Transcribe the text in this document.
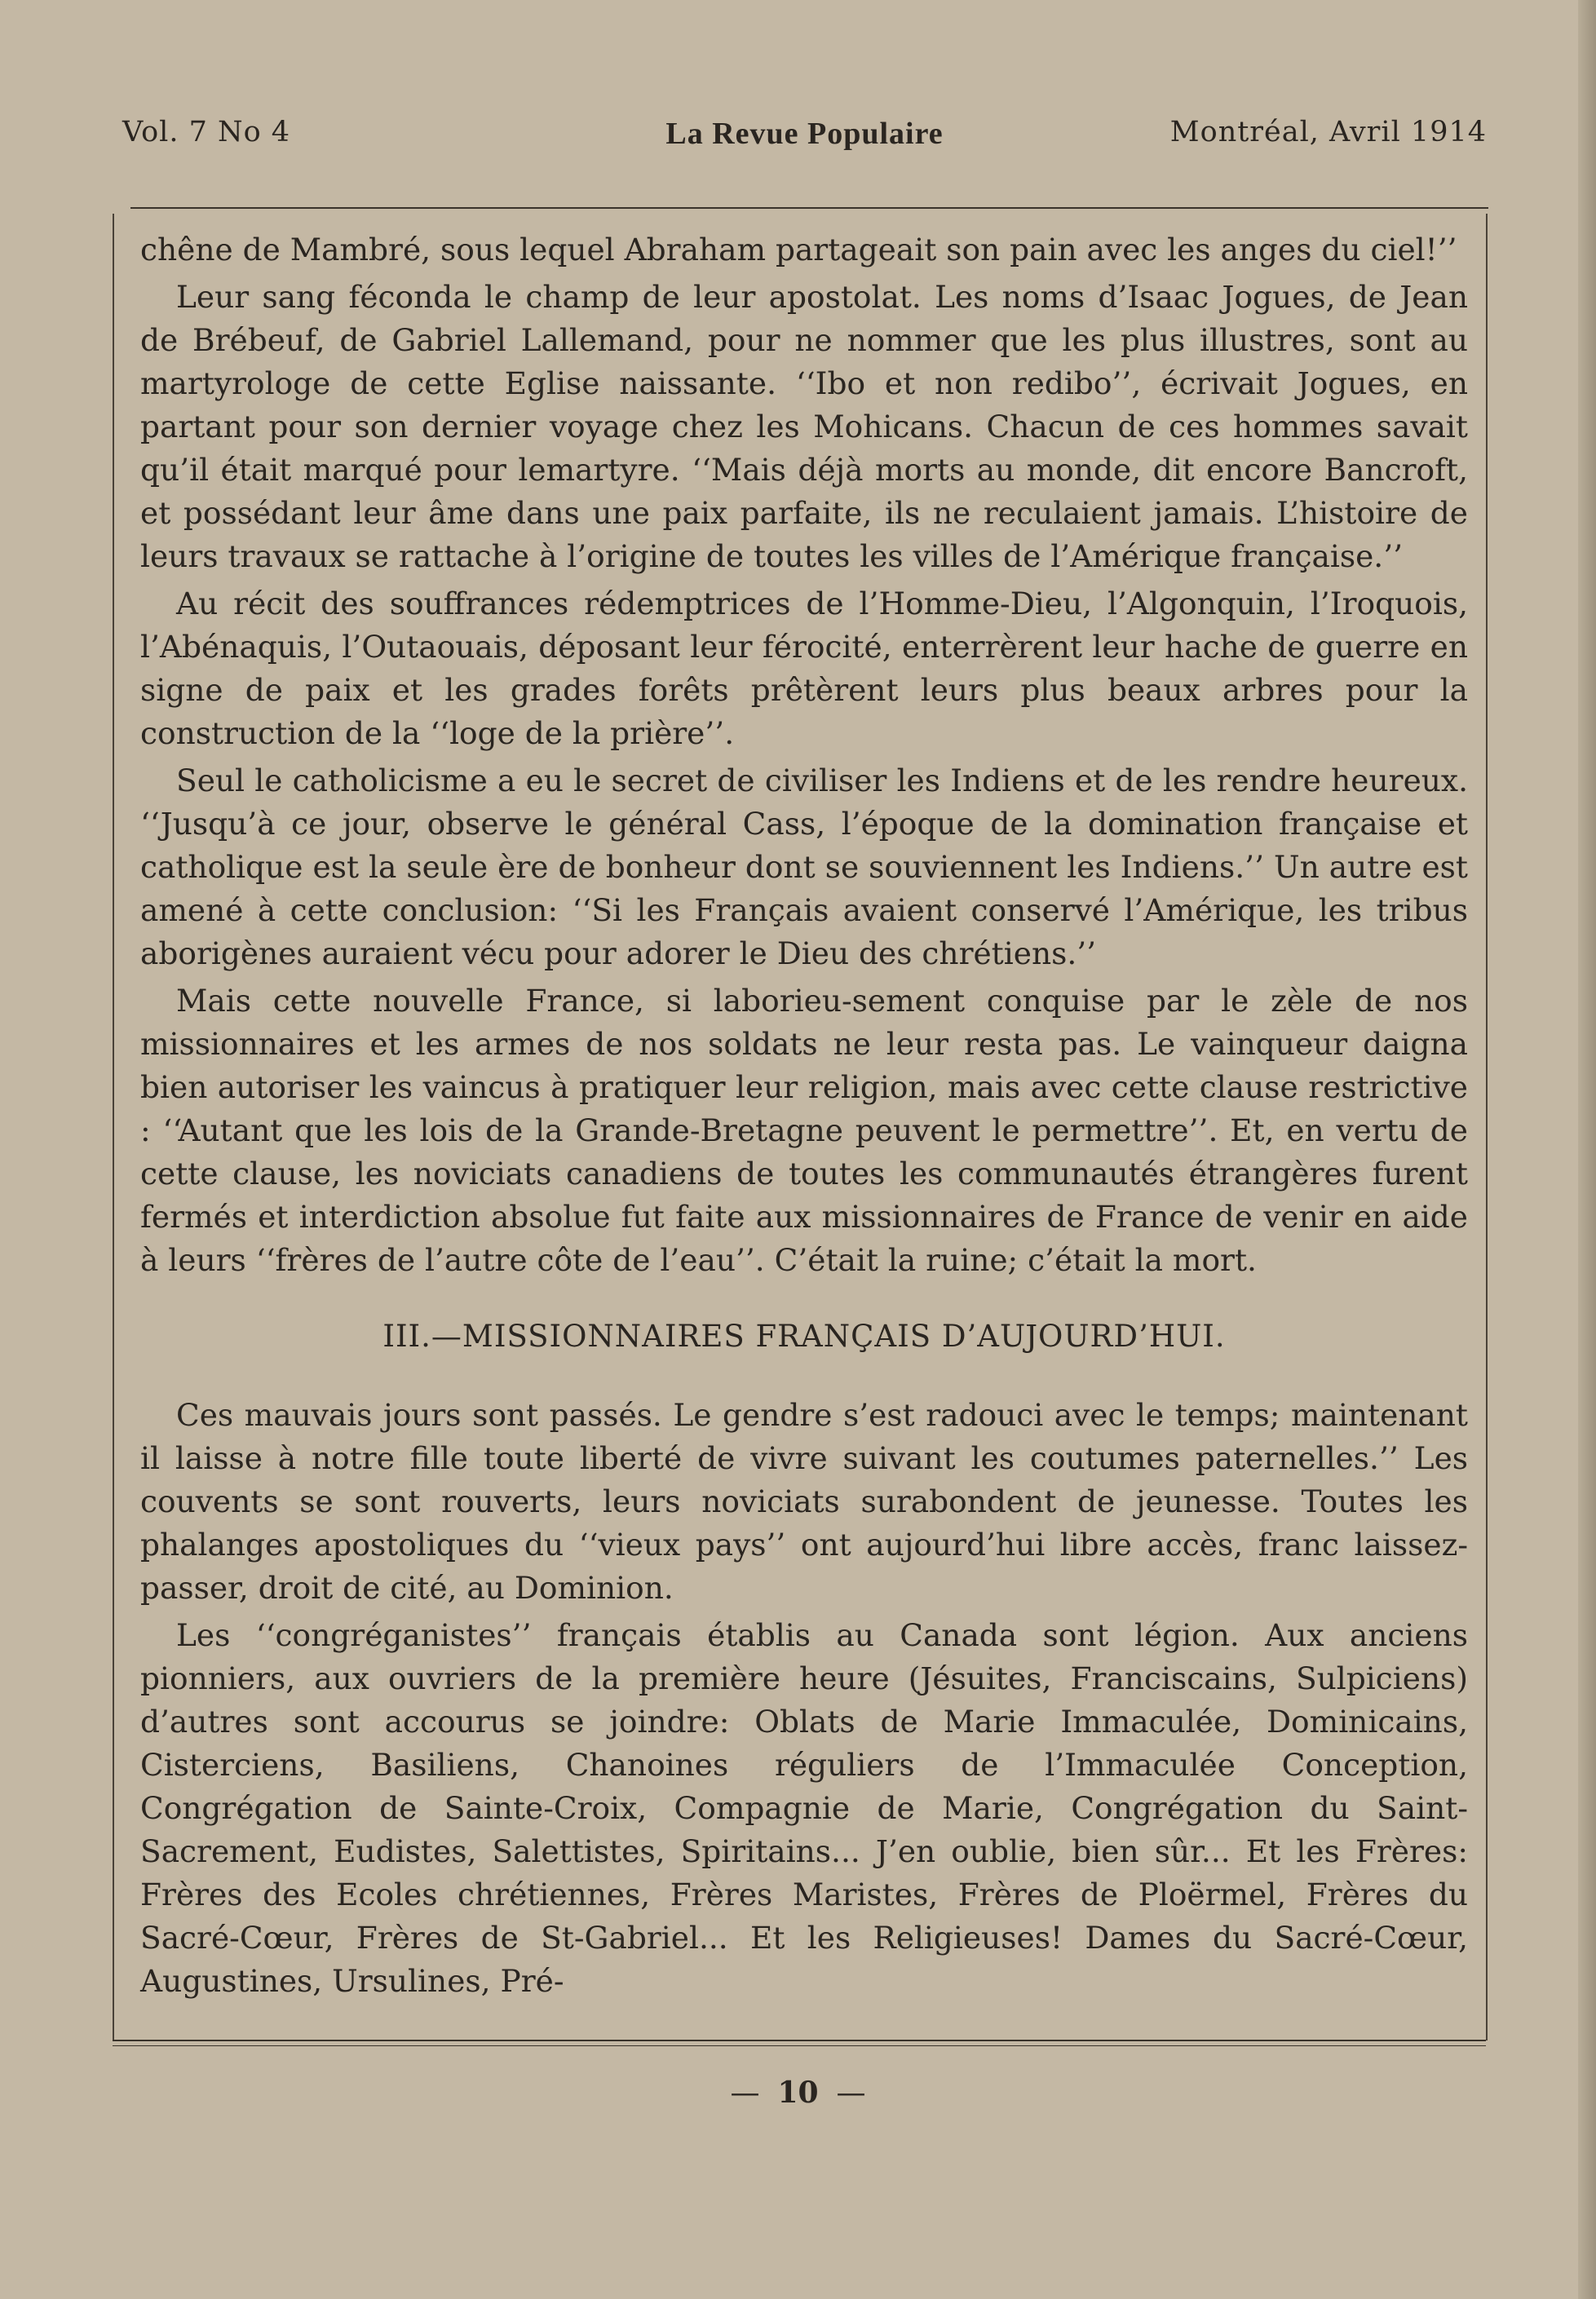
Vol. 7 No 4	La Revue Populaire	Montréal, Avril 1914

chêne de Mambré, sous lequel Abraham partageait son pain avec les anges du ciel!’’

Leur sang féconda le champ de leur apostolat. Les noms d’Isaac Jogues, de Jean de Brébeuf, de Gabriel Lallemand, pour ne nommer que les plus illustres, sont au martyrologe de cette Eglise naissante. ‘‘Ibo et non redibo’’, écrivait Jogues, en partant pour son dernier voyage chez les Mohicans. Chacun de ces hommes savait qu’il était marqué pour lemartyre. ‘‘Mais déjà morts au monde, dit encore Bancroft, et possédant leur âme dans une paix parfaite, ils ne reculaient jamais. L’histoire de leurs travaux se rattache à l’origine de toutes les villes de l’Amérique française.’’

Au récit des souffrances rédemptrices de l’Homme-Dieu, l’Algonquin, l’Iroquois, l’Abénaquis, l’Outaouais, déposant leur férocité, enterrèrent leur hache de guerre en signe de paix et les grades forêts prêtèrent leurs plus beaux arbres pour la construction de la ‘‘loge de la prière’’.

Seul le catholicisme a eu le secret de civiliser les Indiens et de les rendre heureux. ‘‘Jusqu’à ce jour, observe le général Cass, l’époque de la domination française et catholique est la seule ère de bonheur dont se souviennent les Indiens.’’ Un autre est amené à cette conclusion: ‘‘Si les Français avaient conservé l’Amérique, les tribus aborigènes auraient vécu pour adorer le Dieu des chrétiens.’’

Mais cette nouvelle France, si laborieu-sement conquise par le zèle de nos missionnaires et les armes de nos soldats ne leur resta pas. Le vainqueur daigna bien autoriser les vaincus à pratiquer leur religion, mais avec cette clause restrictive : ‘‘Autant que les lois de la Grande-Bretagne peuvent le permettre’’. Et, en vertu de cette clause, les noviciats canadiens de toutes les communautés étrangères furent fermés et interdiction absolue fut faite aux missionnaires de France de venir en aide à leurs ‘‘frères de l’autre côte de l’eau’’. C’était la ruine; c’était la mort.

III.—MISSIONNAIRES FRANÇAIS D’AUJOURD’HUI.

Ces mauvais jours sont passés. Le gendre s’est radouci avec le temps; maintenant il laisse à notre fille toute liberté de vivre suivant les coutumes paternelles.’’ Les couvents se sont rouverts, leurs noviciats surabondent de jeunesse. Toutes les phalanges apostoliques du ‘‘vieux pays’’ ont aujourd’hui libre accès, franc laissez-passer, droit de cité, au Dominion.

Les ‘‘congréganistes’’ français établis au Canada sont légion. Aux anciens pionniers, aux ouvriers de la première heure (Jésuites, Franciscains, Sulpiciens) d’autres sont accourus se joindre: Oblats de Marie Immaculée, Dominicains, Cisterciens, Basiliens, Chanoines réguliers de l’Immaculée Conception, Congrégation de Sainte-Croix, Compagnie de Marie, Congrégation du Saint-Sacrement, Eudistes, Salettistes, Spiritains... J’en oublie, bien sûr... Et les Frères: Frères des Ecoles chrétiennes, Frères Maristes, Frères de Ploërmel, Frères du Sacré-Cœur, Frères de St-Gabriel... Et les Religieuses! Dames du Sacré-Cœur, Augustines, Ursulines, Pré-

— 10 —
